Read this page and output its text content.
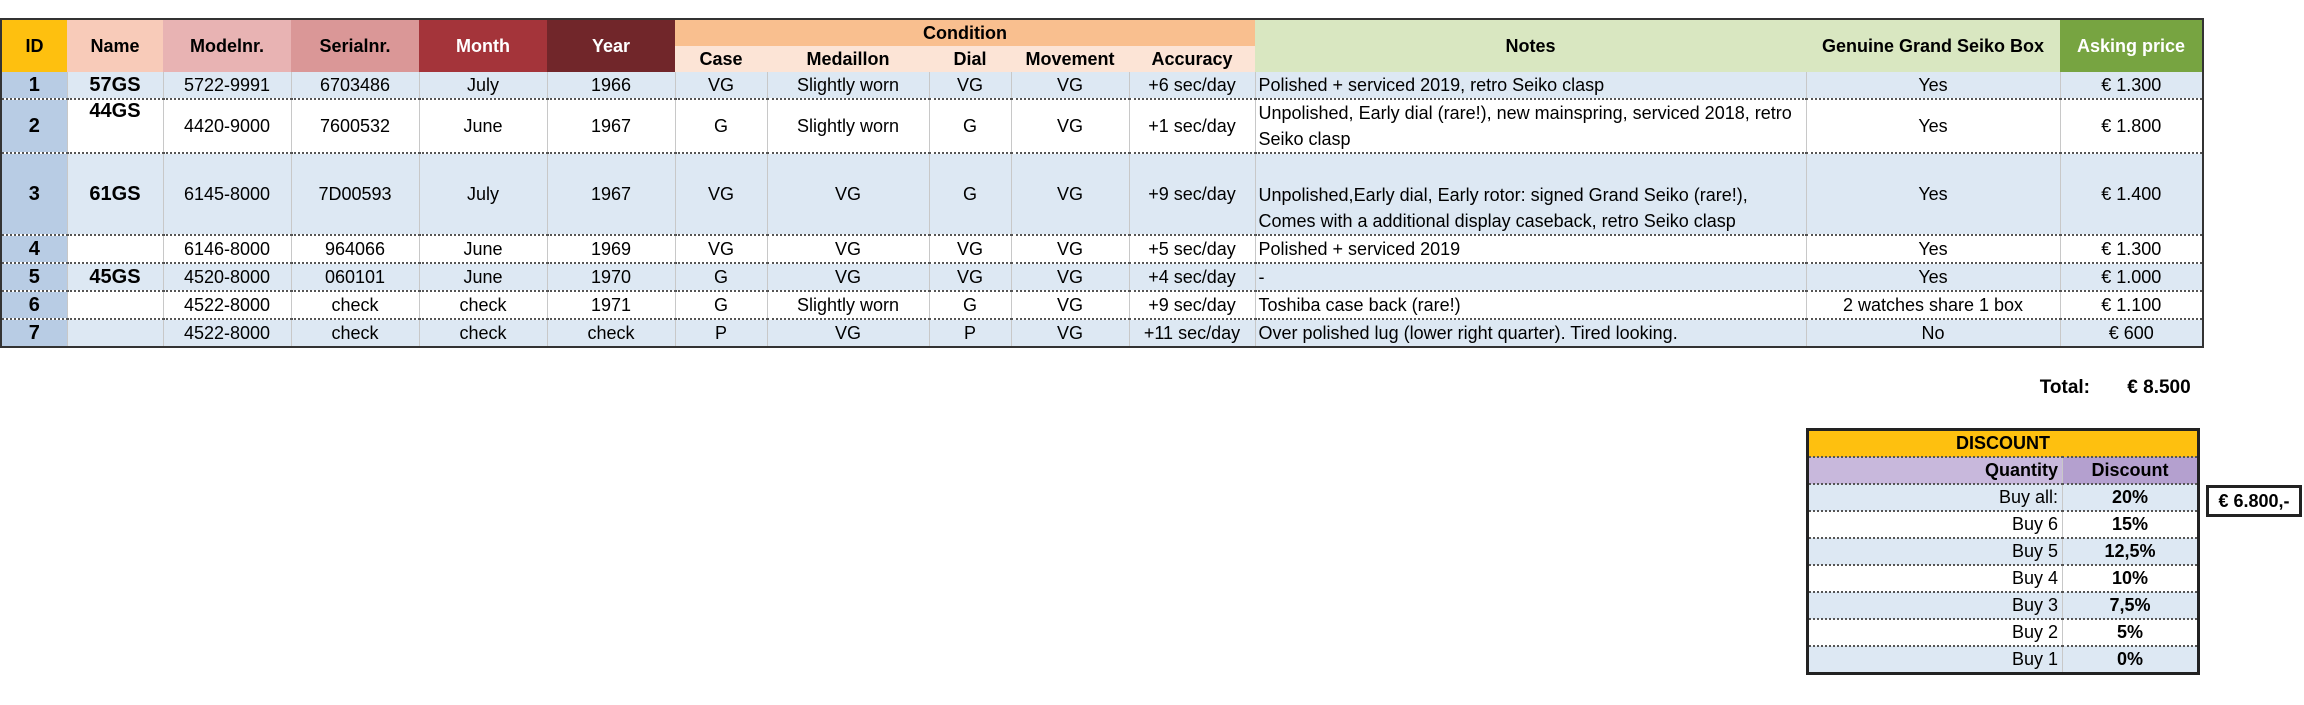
ID	Name	Modelnr.	Serialnr.	Month	Year	Condition					Notes	Genuine Grand Seiko Box	Asking price
						Case	Medaillon	Dial	Movement	Accuracy			
1	57GS	5722-9991	6703486	July	1966	VG	Slightly worn	VG	VG	+6 sec/day	Polished + serviced 2019, retro Seiko clasp	Yes	€ 1.300
2	44GS	4420-9000	7600532	June	1967	G	Slightly worn	G	VG	+1 sec/day	Unpolished, Early dial (rare!), new mainspring, serviced 2018, retro Seiko clasp	Yes	€ 1.800
3	61GS	6145-8000	7D00593	July	1967	VG	VG	G	VG	+9 sec/day	Unpolished,Early dial, Early rotor: signed Grand Seiko (rare!), Comes with a additional display caseback, retro Seiko clasp	Yes	€ 1.400
4		6146-8000	964066	June	1969	VG	VG	VG	VG	+5 sec/day	Polished + serviced 2019	Yes	€ 1.300
5	45GS	4520-8000	060101	June	1970	G	VG	VG	VG	+4 sec/day	-	Yes	€ 1.000
6		4522-8000	check	check	1971	G	Slightly worn	G	VG	+9 sec/day	Toshiba case back (rare!)	2 watches share 1 box	€ 1.100
7		4522-8000	check	check	check	P	VG	P	VG	+11 sec/day	Over polished lug (lower right quarter). Tired looking.	No	€ 600
Total:	€ 8.500
DISCOUNT	
Quantity	Discount
Buy all:	20%
Buy 6	15%
Buy 5	12,5%
Buy 4	10%
Buy 3	7,5%
Buy 2	5%
Buy 1	0%
€ 6.800,-
